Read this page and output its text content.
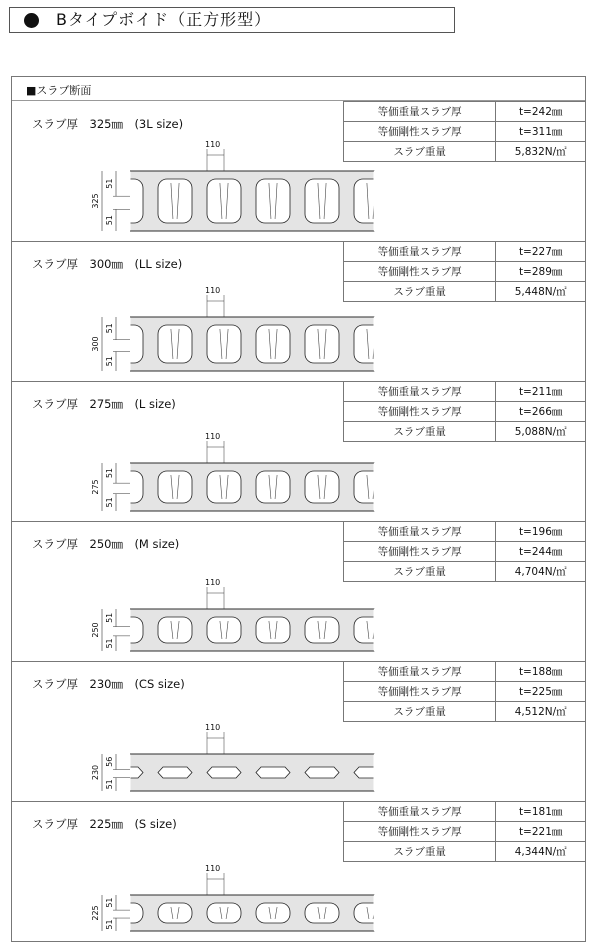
Bタイプボイド（正方形型）
■スラブ断面
スラブ厚　325㎜　(3L size)
等価重量スラブ厚	t=242㎜
等価剛性スラブ厚	t=311㎜
スラブ重量	5,832N/㎡
110
325
51
51
スラブ厚　300㎜　(LL size)
等価重量スラブ厚	t=227㎜
等価剛性スラブ厚	t=289㎜
スラブ重量	5,448N/㎡
110
300
51
51
スラブ厚　275㎜　(L size)
等価重量スラブ厚	t=211㎜
等価剛性スラブ厚	t=266㎜
スラブ重量	5,088N/㎡
110
275
51
51
スラブ厚　250㎜　(M size)
等価重量スラブ厚	t=196㎜
等価剛性スラブ厚	t=244㎜
スラブ重量	4,704N/㎡
110
250
51
51
スラブ厚　230㎜　(CS size)
等価重量スラブ厚	t=188㎜
等価剛性スラブ厚	t=225㎜
スラブ重量	4,512N/㎡
110
230
56
51
スラブ厚　225㎜　(S size)
等価重量スラブ厚	t=181㎜
等価剛性スラブ厚	t=221㎜
スラブ重量	4,344N/㎡
110
225
51
51
